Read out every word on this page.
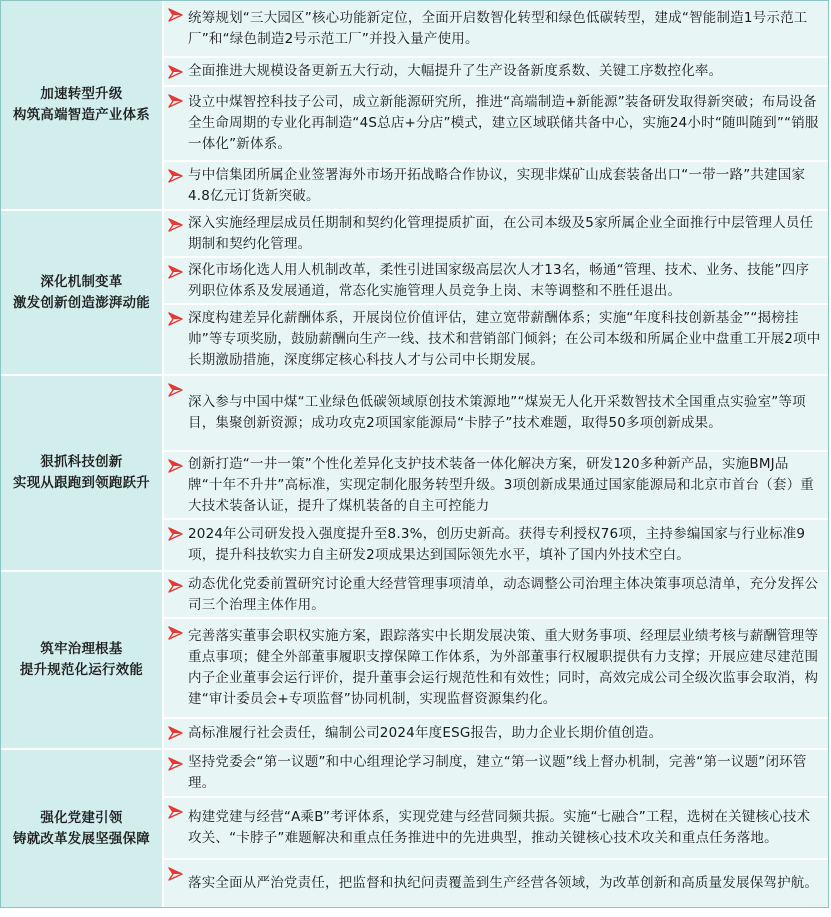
加速转型升级
构筑高端智造产业体系
统筹规划“三大园区”核心功能新定位，全面开启数智化转型和绿色低碳转型，建成“智能制造1号示范工厂”和“绿色制造2号示范工厂”并投入量产使用。
全面推进大规模设备更新五大行动，大幅提升了生产设备新度系数、关键工序数控化率。
设立中煤智控科技子公司，成立新能源研究所，推进“高端制造+新能源”装备研发取得新突破；布局设备全生命周期的专业化再制造“4S总店+分店”模式，建立区域联储共备中心，实施24小时“随叫随到”“销服一体化”新体系。
与中信集团所属企业签署海外市场开拓战略合作协议，实现非煤矿山成套装备出口“一带一路”共建国家4.8亿元订货新突破。
深化机制变革
激发创新创造澎湃动能
深入实施经理层成员任期制和契约化管理提质扩面，在公司本级及5家所属企业全面推行中层管理人员任期制和契约化管理。
深化市场化选人用人机制改革，柔性引进国家级高层次人才13名，畅通“管理、技术、业务、技能”四序列职位体系及发展通道，常态化实施管理人员竞争上岗、末等调整和不胜任退出。
深度构建差异化薪酬体系，开展岗位价值评估，建立宽带薪酬体系；实施“年度科技创新基金”“揭榜挂帅”等专项奖励，鼓励薪酬向生产一线、技术和营销部门倾斜；在公司本级和所属企业中盘重工开展2项中长期激励措施，深度绑定核心科技人才与公司中长期发展。
狠抓科技创新
实现从跟跑到领跑跃升
深入参与中国中煤“工业绿色低碳领域原创技术策源地”“煤炭无人化开采数智技术全国重点实验室”等项目，集聚创新资源；成功攻克2项国家能源局“卡脖子”技术难题，取得50多项创新成果。
创新打造“一井一策”个性化差异化支护技术装备一体化解决方案，研发120多种新产品，实施BMJ品牌“十年不升井”高标准，实现定制化服务转型升级。3项创新成果通过国家能源局和北京市首台（套）重大技术装备认证，提升了煤机装备的自主可控能力
2024年公司研发投入强度提升至8.3%，创历史新高。获得专利授权76项，主持参编国家与行业标准9项，提升科技软实力自主研发2项成果达到国际领先水平，填补了国内外技术空白。
筑牢治理根基
提升规范化运行效能
动态优化党委前置研究讨论重大经营管理事项清单，动态调整公司治理主体决策事项总清单，充分发挥公司三个治理主体作用。
完善落实董事会职权实施方案，跟踪落实中长期发展决策、重大财务事项、经理层业绩考核与薪酬管理等重点事项；健全外部董事履职支撑保障工作体系，为外部董事行权履职提供有力支撑；开展应建尽建范围内子企业董事会运行评价，提升董事会运行规范性和有效性；同时，高效完成公司全级次监事会取消，构建“审计委员会+专项监督”协同机制，实现监督资源集约化。
高标准履行社会责任，编制公司2024年度ESG报告，助力企业长期价值创造。
强化党建引领
铸就改革发展坚强保障
坚持党委会“第一议题”和中心组理论学习制度，建立“第一议题”线上督办机制，完善“第一议题”闭环管理。
构建党建与经营“A乘B”考评体系，实现党建与经营同频共振。实施“七融合”工程，选树在关键核心技术攻关、“卡脖子”难题解决和重点任务推进中的先进典型，推动关键核心技术攻关和重点任务落地。
落实全面从严治党责任，把监督和执纪问责覆盖到生产经营各领域，为改革创新和高质量发展保驾护航。
